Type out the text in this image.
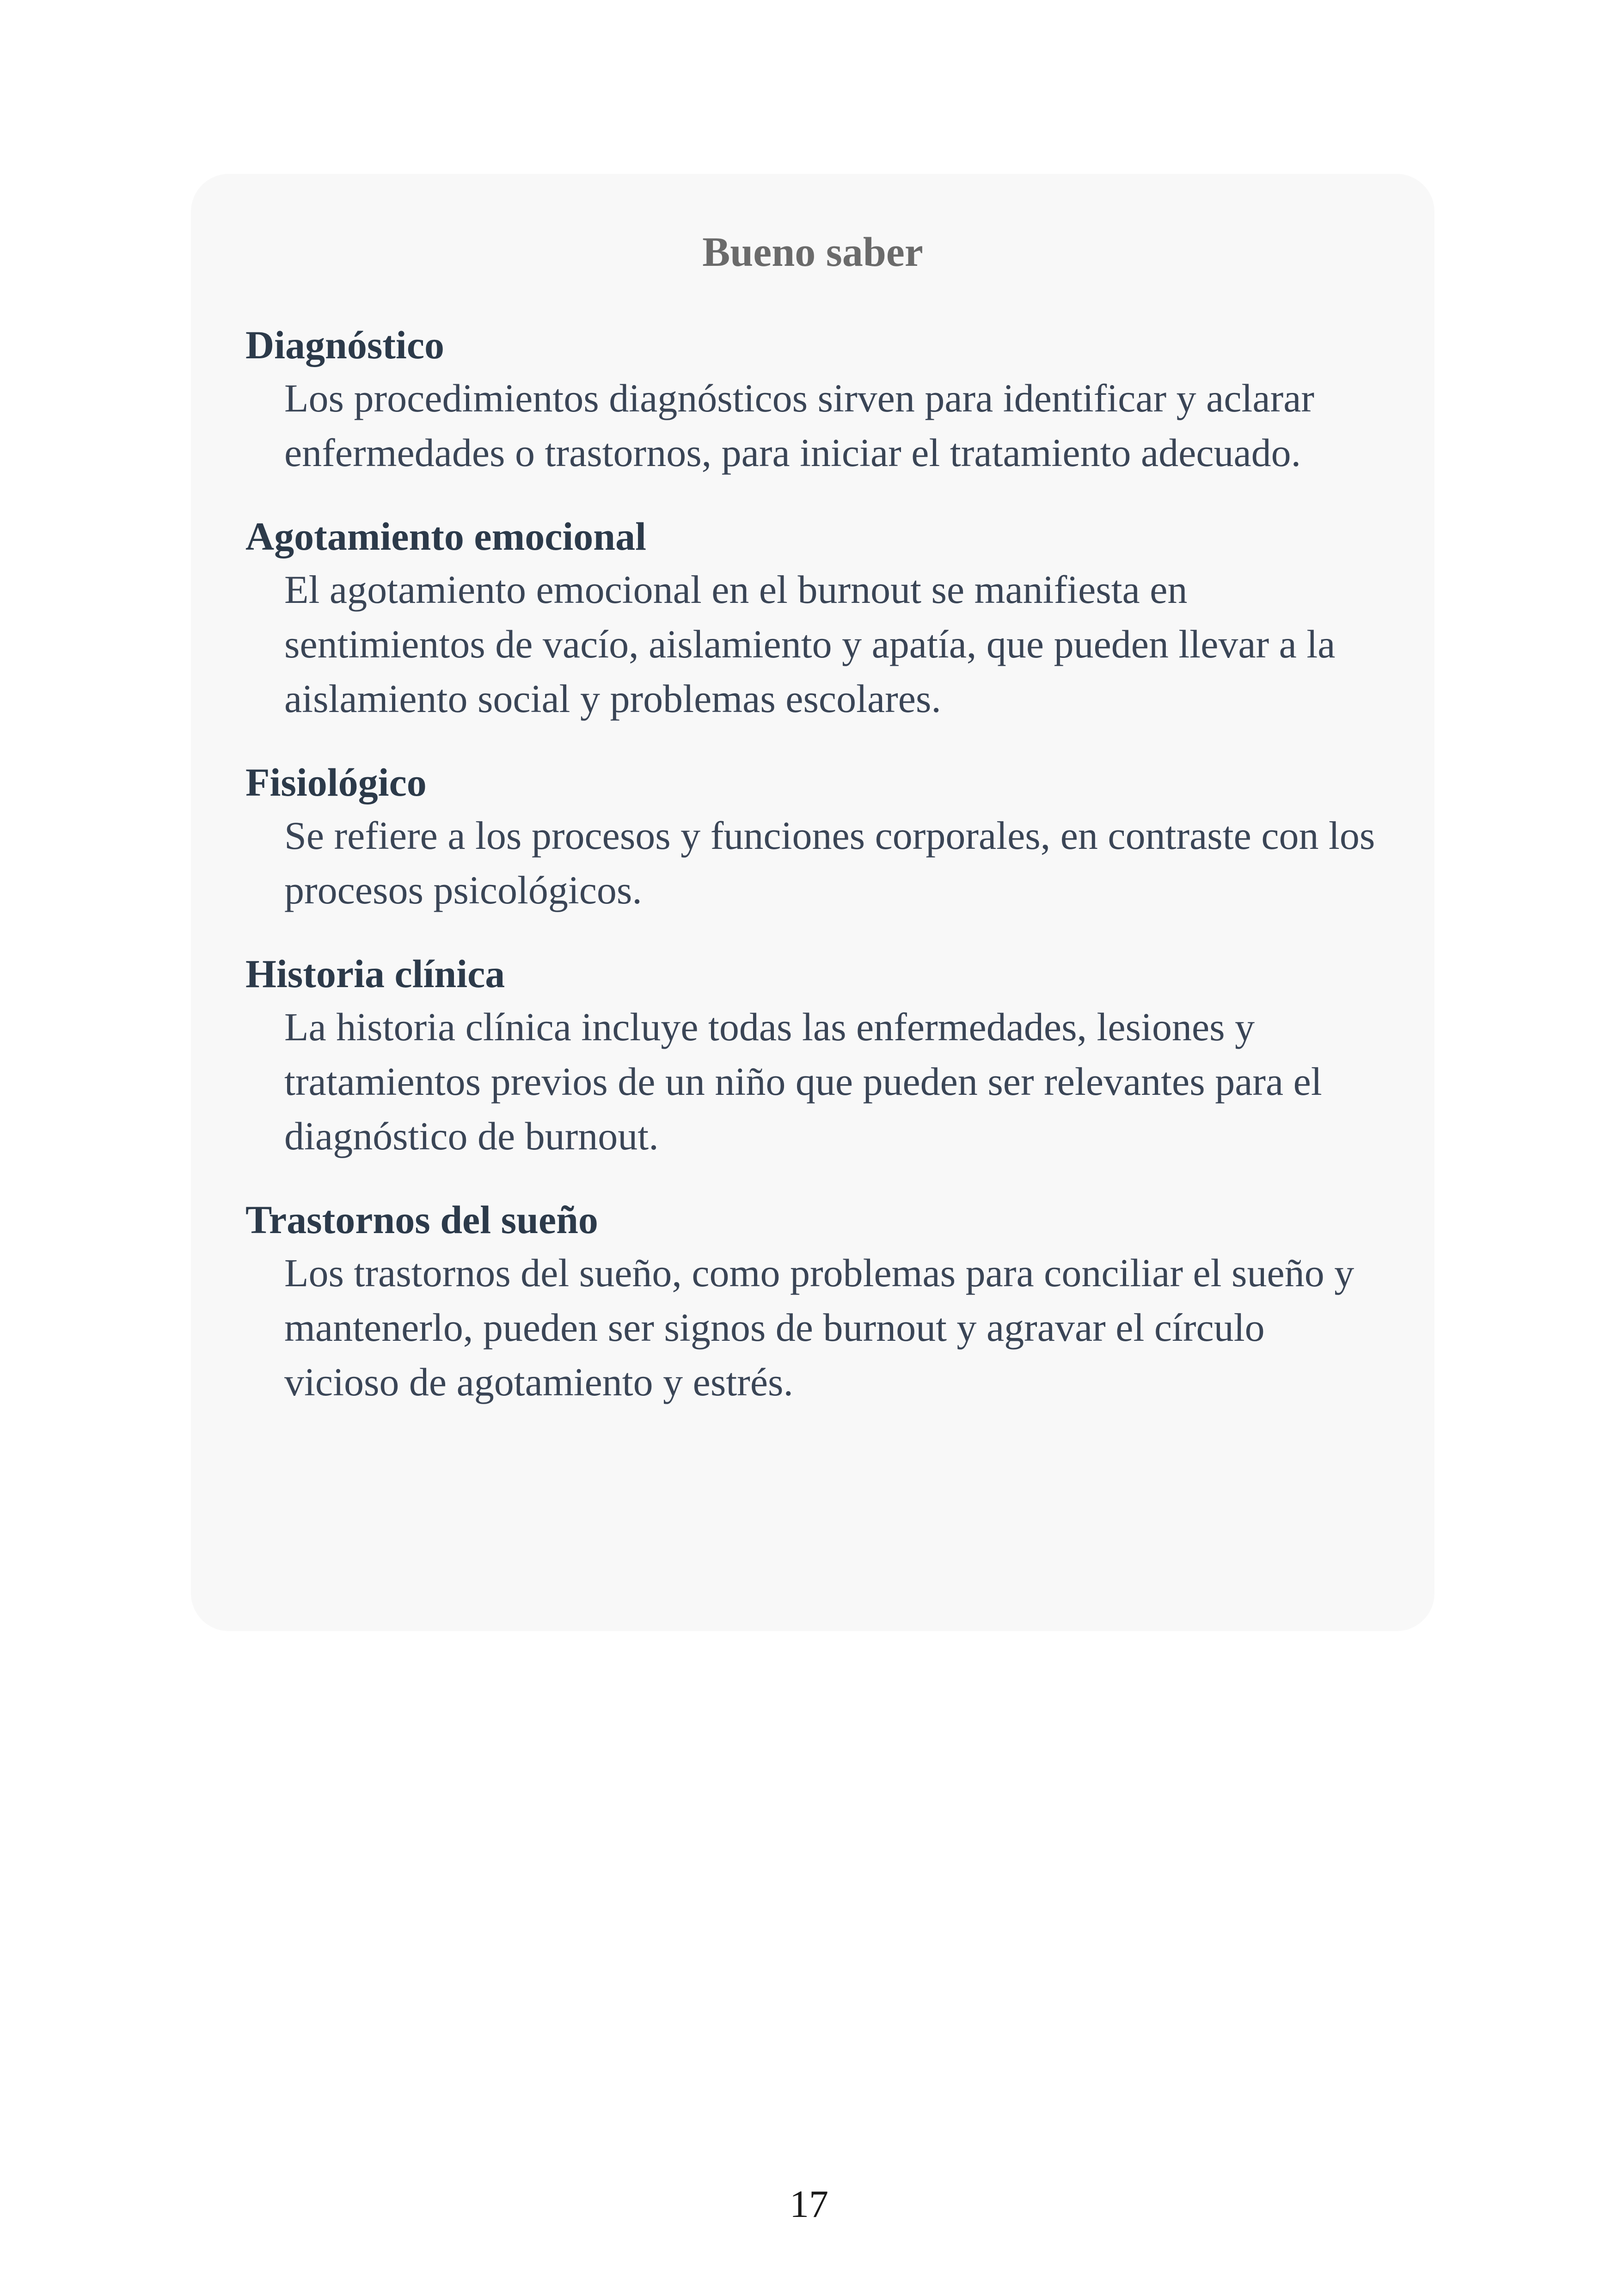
Bueno saber

Diagnóstico

Los procedimientos diagnósticos sirven para identificar y aclarar enfermedades o trastornos, para iniciar el tratamiento adecuado.

Agotamiento emocional

El agotamiento emocional en el burnout se manifiesta en sentimientos de vacío, aislamiento y apatía, que pueden llevar a la aislamiento social y problemas escolares.

Fisiológico

Se refiere a los procesos y funciones corporales, en contraste con los procesos psicológicos.

Historia clínica

La historia clínica incluye todas las enfermedades, lesiones y tratamientos previos de un niño que pueden ser relevantes para el diagnóstico de burnout.

Trastornos del sueño

Los trastornos del sueño, como problemas para conciliar el sueño y mantenerlo, pueden ser signos de burnout y agravar el círculo vicioso de agotamiento y estrés.

17
